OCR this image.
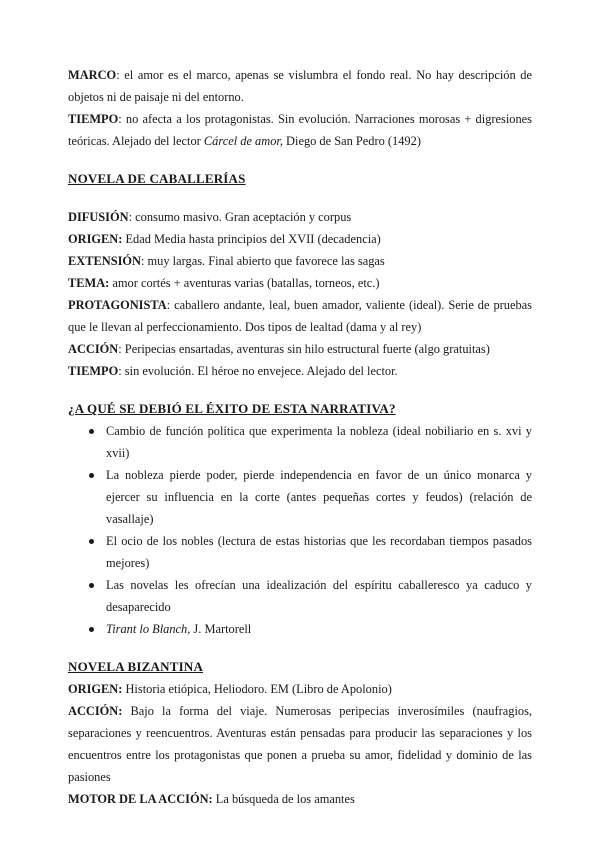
MARCO: el amor es el marco, apenas se vislumbra el fondo real. No hay descripción de objetos ni de paisaje ni del entorno.
TIEMPO: no afecta a los protagonistas. Sin evolución. Narraciones morosas + digresiones teóricas. Alejado del lector Cárcel de amor, Diego de San Pedro (1492)
NOVELA DE CABALLERÍAS
DIFUSIÓN: consumo masivo. Gran aceptación y corpus
ORIGEN: Edad Media hasta principios del XVII (decadencia)
EXTENSIÓN: muy largas. Final abierto que favorece las sagas
TEMA: amor cortés + aventuras varias (batallas, torneos, etc.)
PROTAGONISTA: caballero andante, leal, buen amador, valiente (ideal). Serie de pruebas que le llevan al perfeccionamiento. Dos tipos de lealtad (dama y al rey)
ACCIÓN: Peripecias ensartadas, aventuras sin hilo estructural fuerte (algo gratuitas)
TIEMPO: sin evolución. El héroe no envejece. Alejado del lector.
¿A QUÉ SE DEBIÓ EL ÉXITO DE ESTA NARRATIVA?
Cambio de función política que experimenta la nobleza (ideal nobiliario en s. xvi y xvii)
La nobleza pierde poder, pierde independencia en favor de un único monarca y ejercer su influencia en la corte (antes pequeñas cortes y feudos) (relación de vasallaje)
El ocio de los nobles (lectura de estas historias que les recordaban tiempos pasados mejores)
Las novelas les ofrecían una idealización del espíritu caballeresco ya caduco y desaparecido
Tirant lo Blanch, J. Martorell
NOVELA BIZANTINA
ORIGEN: Historia etiópica, Heliodoro. EM (Libro de Apolonio)
ACCIÓN: Bajo la forma del viaje. Numerosas peripecias inverosímiles (naufragios, separaciones y reencuentros. Aventuras están pensadas para producir las separaciones y los encuentros entre los protagonistas que ponen a prueba su amor, fidelidad y dominio de las pasiones
MOTOR DE LA ACCIÓN: La búsqueda de los amantes
